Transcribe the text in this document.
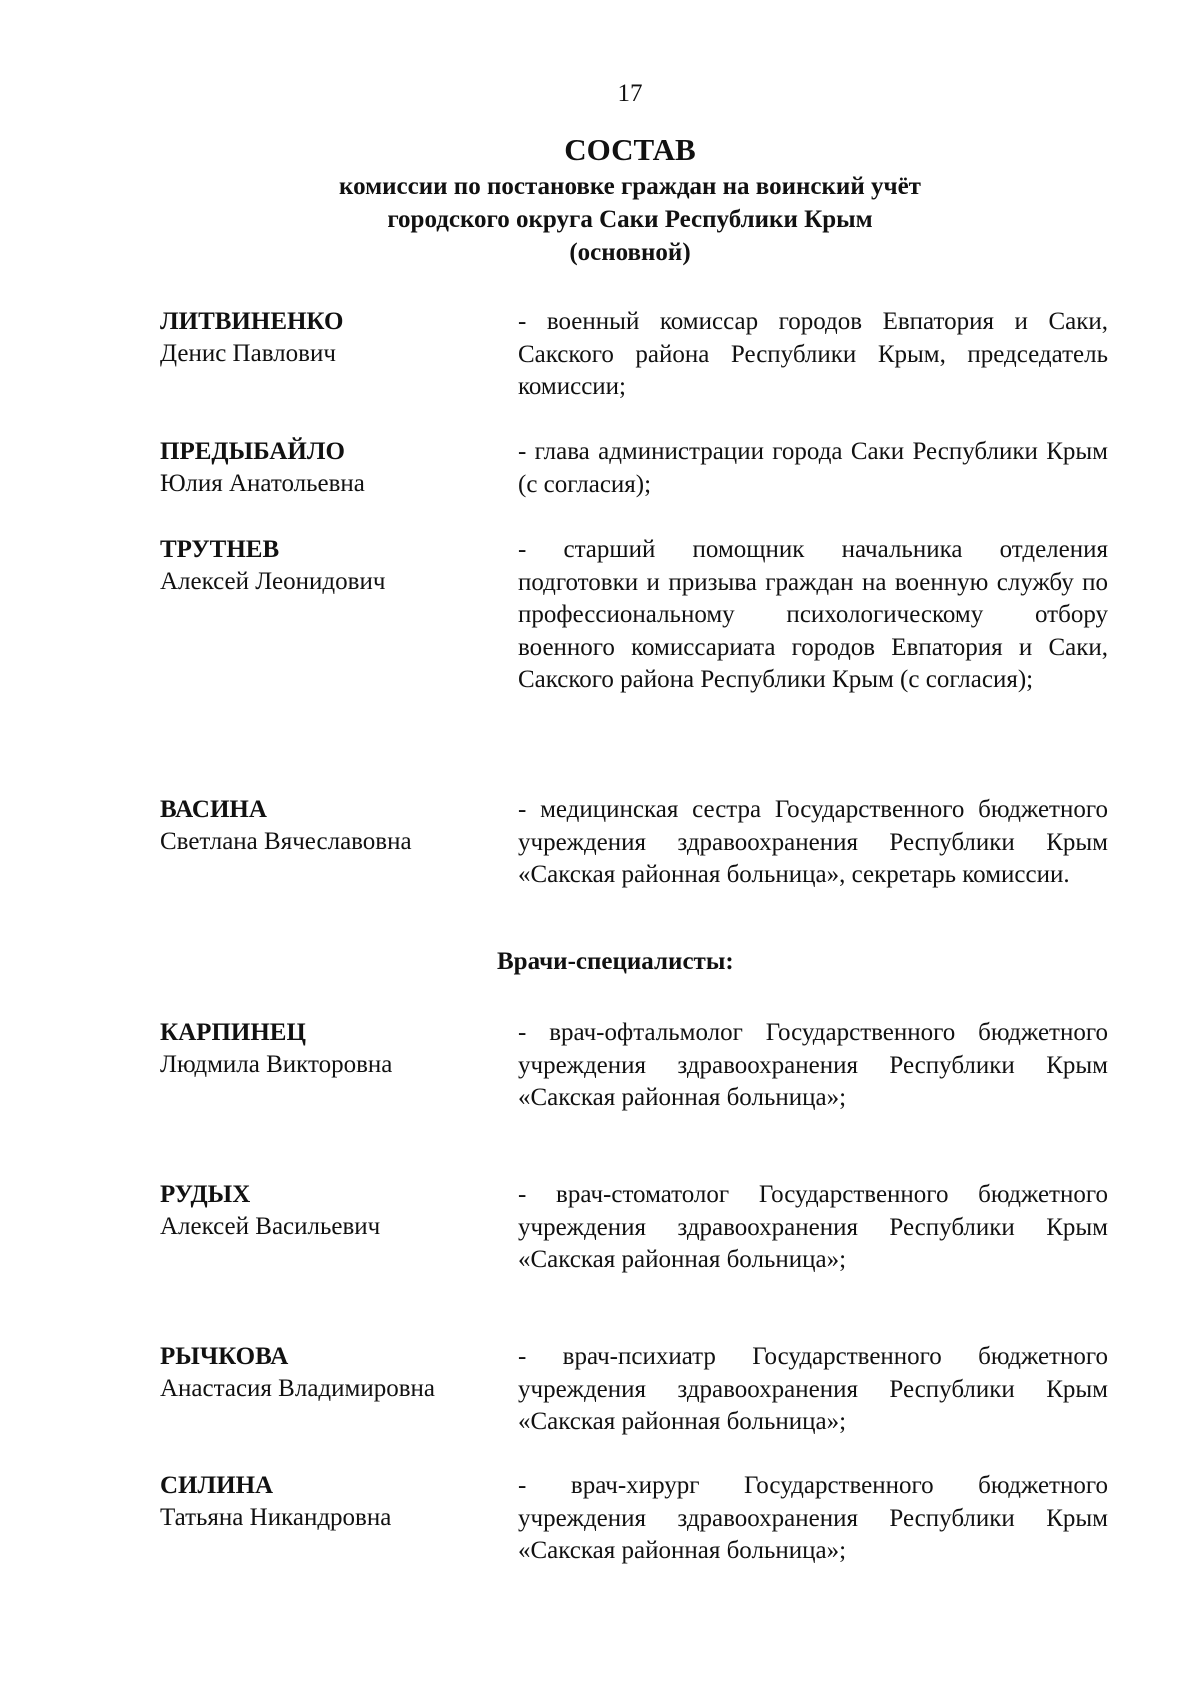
17
СОСТАВ
комиссии по постановке граждан на воинский учёт
городского округа Саки Республики Крым
(основной)
ЛИТВИНЕНКО
Денис Павлович
- военный комиссар городов Евпатория и Саки, Сакского района Республики Крым, председатель комиссии;
ПРЕДЫБАЙЛО
Юлия Анатольевна
- глава администрации города Саки Республики Крым (с согласия);
ТРУТНЕВ
Алексей Леонидович
- старший помощник начальника отделения подготовки и призыва граждан на военную службу по профессиональному психологическому отбору военного комиссариата городов Евпатория и Саки, Сакского района Республики Крым (с согласия);
ВАСИНА
Светлана Вячеславовна
- медицинская сестра Государственного бюджетного учреждения здравоохранения Республики Крым «Сакская районная больница», секретарь комиссии.
Врачи-специалисты:
КАРПИНЕЦ
Людмила Викторовна
- врач-офтальмолог Государственного бюджетного учреждения здравоохранения Республики Крым «Сакская районная больница»;
РУДЫХ
Алексей Васильевич
- врач-стоматолог Государственного бюджетного учреждения здравоохранения Республики Крым «Сакская районная больница»;
РЫЧКОВА
Анастасия Владимировна
- врач-психиатр Государственного бюджетного учреждения здравоохранения Республики Крым «Сакская районная больница»;
СИЛИНА
Татьяна Никандровна
- врач-хирург Государственного бюджетного учреждения здравоохранения Республики Крым «Сакская районная больница»;
